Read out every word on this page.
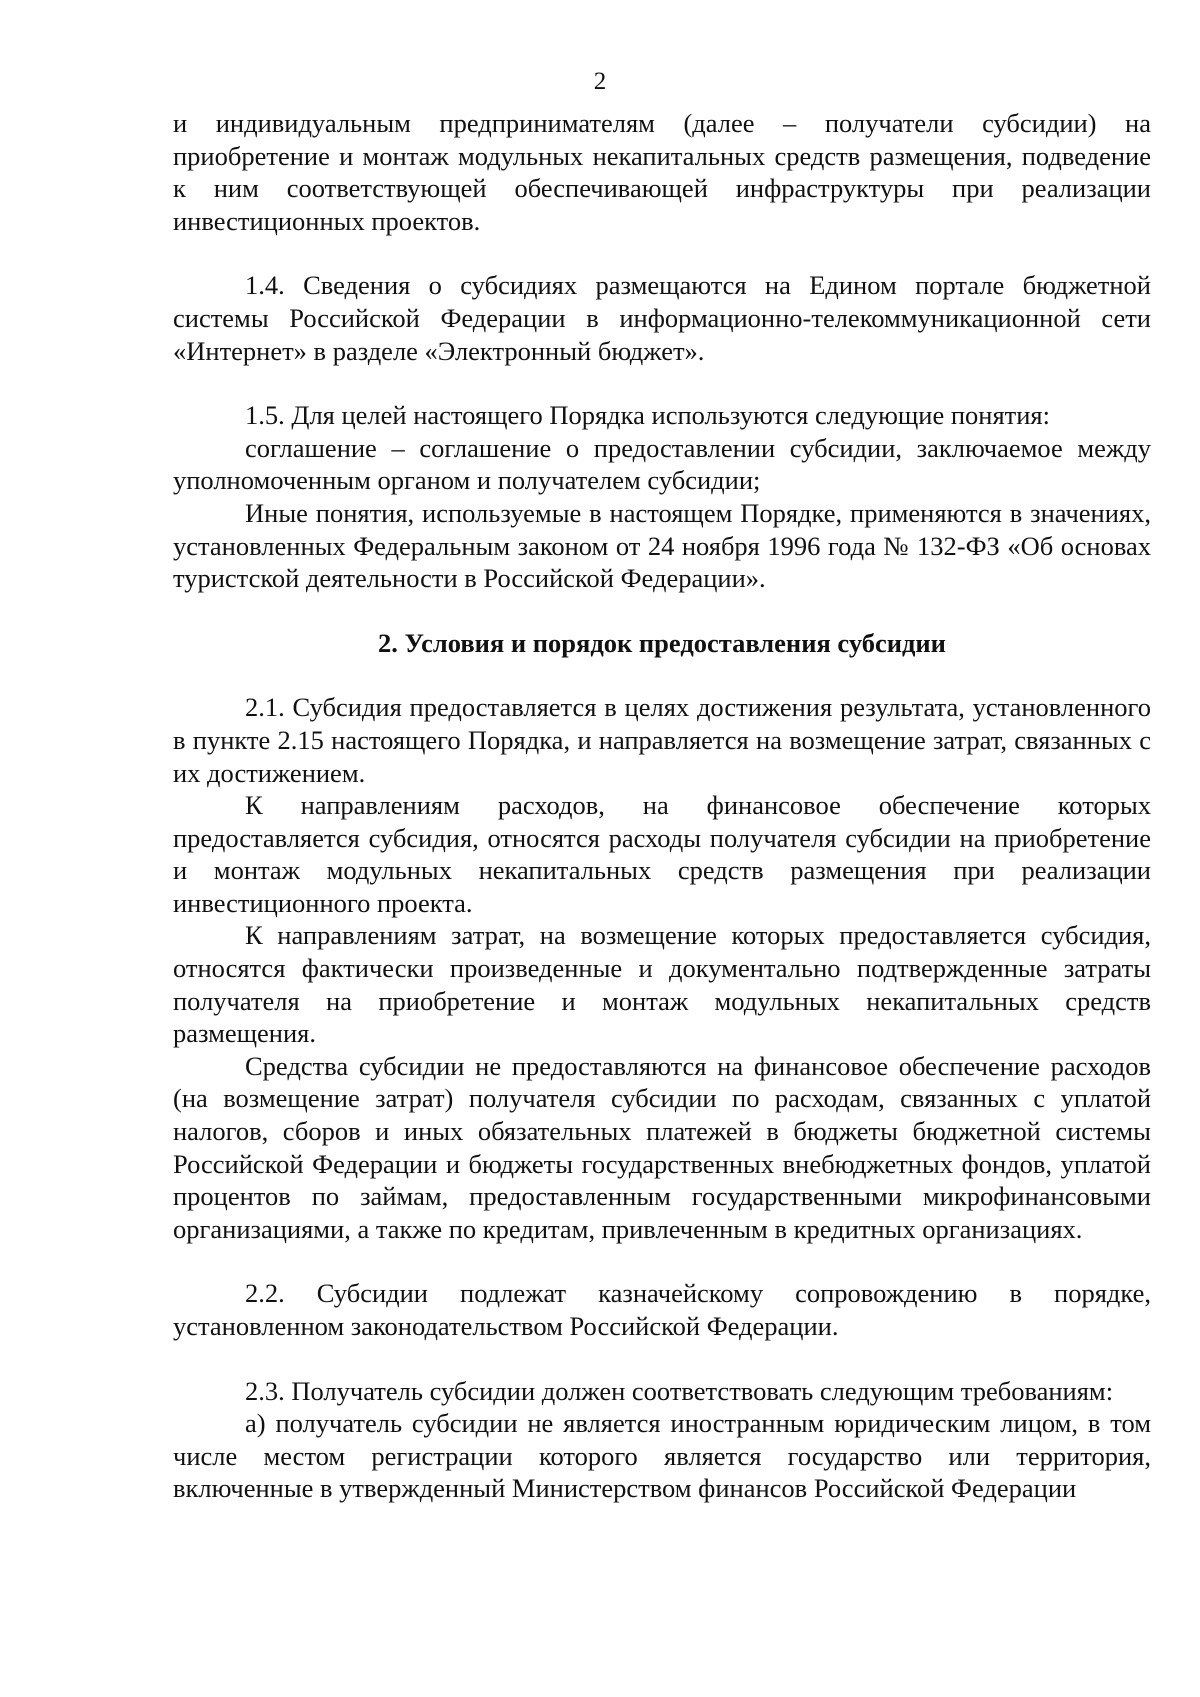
2

и индивидуальным предпринимателям (далее – получатели субсидии) на приобретение и монтаж модульных некапитальных средств размещения, подведение к ним соответствующей обеспечивающей инфраструктуры при реализации инвестиционных проектов.

1.4. Сведения о субсидиях размещаются на Едином портале бюджетной системы Российской Федерации в информационно-телекоммуникационной сети «Интернет» в разделе «Электронный бюджет».

1.5. Для целей настоящего Порядка используются следующие понятия:

соглашение – соглашение о предоставлении субсидии, заключаемое между уполномоченным органом и получателем субсидии;

Иные понятия, используемые в настоящем Порядке, применяются в значениях, установленных Федеральным законом от 24 ноября 1996 года № 132-ФЗ «Об основах туристской деятельности в Российской Федерации».

2. Условия и порядок предоставления субсидии

2.1. Субсидия предоставляется в целях достижения результата, установленного в пункте 2.15 настоящего Порядка, и направляется на возмещение затрат, связанных с их достижением.

К направлениям расходов, на финансовое обеспечение которых предоставляется субсидия, относятся расходы получателя субсидии на приобретение и монтаж модульных некапитальных средств размещения при реализации инвестиционного проекта.

К направлениям затрат, на возмещение которых предоставляется субсидия, относятся фактически произведенные и документально подтвержденные затраты получателя на приобретение и монтаж модульных некапитальных средств размещения.

Средства субсидии не предоставляются на финансовое обеспечение расходов (на возмещение затрат) получателя субсидии по расходам, связанных с уплатой налогов, сборов и иных обязательных платежей в бюджеты бюджетной системы Российской Федерации и бюджеты государственных внебюджетных фондов, уплатой процентов по займам, предоставленным государственными микрофинансовыми организациями, а также по кредитам, привлеченным в кредитных организациях.

2.2. Субсидии подлежат казначейскому сопровождению в порядке, установленном законодательством Российской Федерации.

2.3. Получатель субсидии должен соответствовать следующим требованиям:

а) получатель субсидии не является иностранным юридическим лицом, в том числе местом регистрации которого является государство или территория, включенные в утвержденный Министерством финансов Российской Федерации
